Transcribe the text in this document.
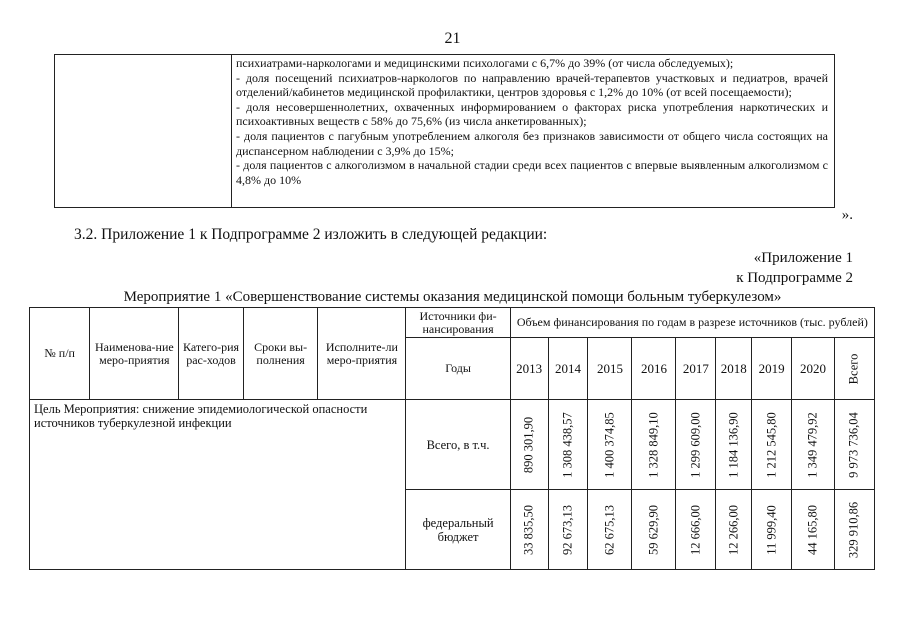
21

психиатрами-наркологами и медицинскими психологами с 6,7% до 39% (от числа обследуемых);

- доля посещений психиатров-наркологов по направлению врачей-терапевтов участковых и педиатров, врачей отделений/кабинетов медицинской профилактики, центров здоровья с 1,2% до 10% (от всей посещаемости);

- доля несовершеннолетних, охваченных информированием о факторах риска употребления наркотических и психоактивных веществ с 58% до 75,6% (из числа анкетированных);

- доля пациентов с пагубным употреблением алкоголя без признаков зависимости от общего числа состоящих на диспансерном наблюдении с 3,9% до 15%;

- доля пациентов с алкоголизмом в начальной стадии среди всех пациентов с впервые выявленным алкоголизмом с 4,8% до 10%

».
3.2. Приложение 1 к Подпрограмме 2 изложить в следующей редакции:
«Приложение 1
к Подпрограмме 2
Мероприятие 1 «Совершенствование системы оказания медицинской помощи больным туберкулезом»
№ п/п	Наименова-ние меро-приятия	Катего-рия рас-ходов	Сроки вы-полнения	Исполните-ли меро-приятия	Источники фи-нансирования	Объем финансирования по годам в разрезе источников (тыс. рублей)								
					Годы	2013	2014	2015	2016	2017	2018	2019	2020	Всего

Цель Мероприятия: снижение эпидемиологической опасности источников туберкулезной инфекции					Всего, в т.ч.	890 301,90	1 308 438,57	1 400 374,85	1 328 849,10	1 299 609,00	1 184 136,90	1 212 545,80	1 349 479,92	9 973 736,04

					федеральный бюджет	33 835,50	92 673,13	62 675,13	59 629,90	12 666,00	12 266,00	11 999,40	44 165,80	329 910,86
